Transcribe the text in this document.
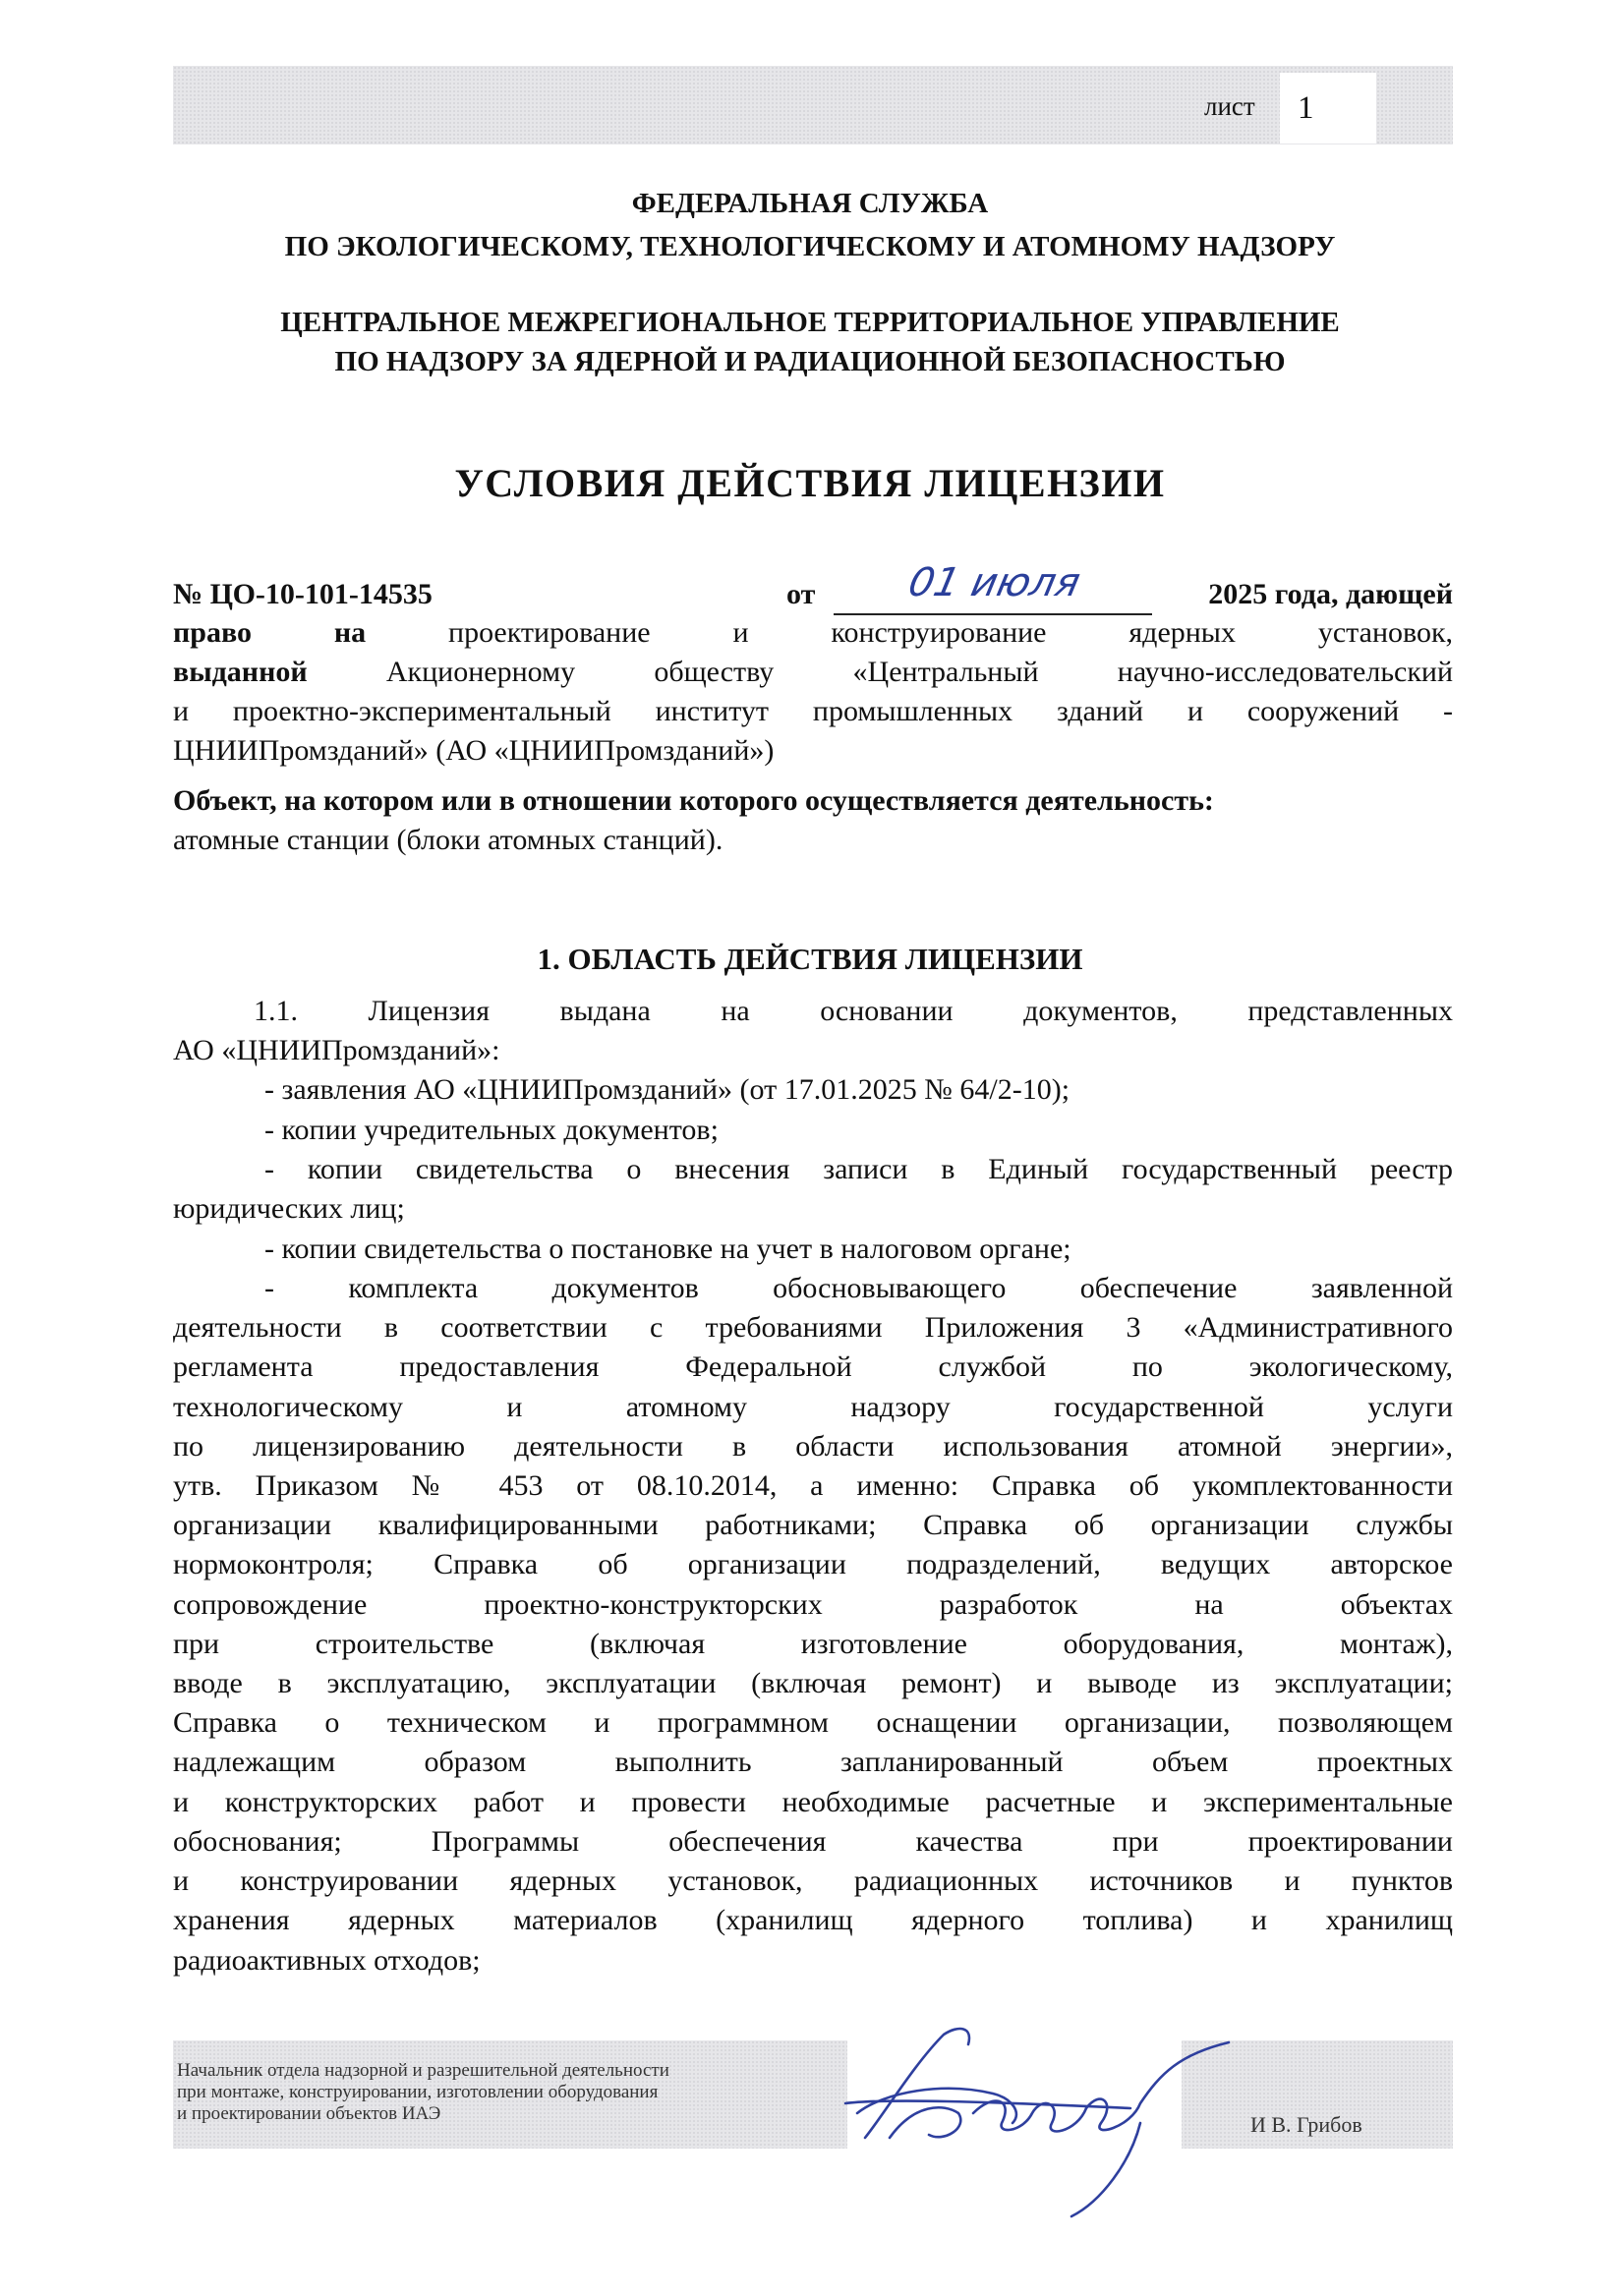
лист	1
ФЕДЕРАЛЬНАЯ СЛУЖБА
ПО ЭКОЛОГИЧЕСКОМУ, ТЕХНОЛОГИЧЕСКОМУ И АТОМНОМУ НАДЗОРУ
ЦЕНТРАЛЬНОЕ МЕЖРЕГИОНАЛЬНОЕ ТЕРРИТОРИАЛЬНОЕ УПРАВЛЕНИЕ
ПО НАДЗОРУ ЗА ЯДЕРНОЙ И РАДИАЦИОННОЙ БЕЗОПАСНОСТЬЮ
УСЛОВИЯ ДЕЙСТВИЯ ЛИЦЕНЗИИ
№ ЦО-10-101-14535	от	01 июля	2025 года, дающей
право	на	проектирование	и	конструирование	ядерных	установок,
выданной	Акционерному	обществу	«Центральный	научно-исследовательский
и проектно-экспериментальный институт промышленных зданий и сооружений -
ЦНИИПромзданий» (АО «ЦНИИПромзданий»)
Объект, на котором или в отношении которого осуществляется деятельность:
атомные станции (блоки атомных станций).
1. ОБЛАСТЬ ДЕЙСТВИЯ ЛИЦЕНЗИИ
1.1. Лицензия выдана на основании документов, представленных
АО «ЦНИИПромзданий»:
- заявления АО «ЦНИИПромзданий» (от 17.01.2025 № 64/2-10);
- копии учредительных документов;
- копии свидетельства о внесения записи в Единый государственный реестр
юридических лиц;
- копии свидетельства о постановке на учет в налоговом органе;
- комплекта	документов	обосновывающего	обеспечение	заявленной
деятельности в соответствии с требованиями Приложения 3 «Административного
регламента	предоставления	Федеральной	службой	по	экологическому,
технологическому	и	атомному	надзору	государственной	услуги
по лицензированию деятельности в области использования атомной энергии»,
утв. Приказом № 453 от 08.10.2014, а именно: Справка об укомплектованности
организации квалифицированными работниками; Справка об организации службы
нормоконтроля; Справка об организации подразделений, ведущих авторское
сопровождение	проектно-конструкторских	разработок	на	объектах
при строительстве	(включая	изготовление	оборудования,	монтаж),
вводе в эксплуатацию, эксплуатации (включая ремонт) и выводе из эксплуатации;
Справка о техническом и программном оснащении организации, позволяющем
надлежащим	образом	выполнить	запланированный	объем	проектных
и конструкторских работ и провести необходимые расчетные и экспериментальные
обоснования;	Программы	обеспечения	качества	при	проектировании
и конструировании ядерных установок, радиационных источников и пунктов
хранения ядерных материалов (хранилищ ядерного топлива) и хранилищ
радиоактивных отходов;
Начальник отдела надзорной и разрешительной деятельности
при монтаже, конструировании, изготовлении оборудования
и проектировании объектов ИАЭ	И В. Грибов
